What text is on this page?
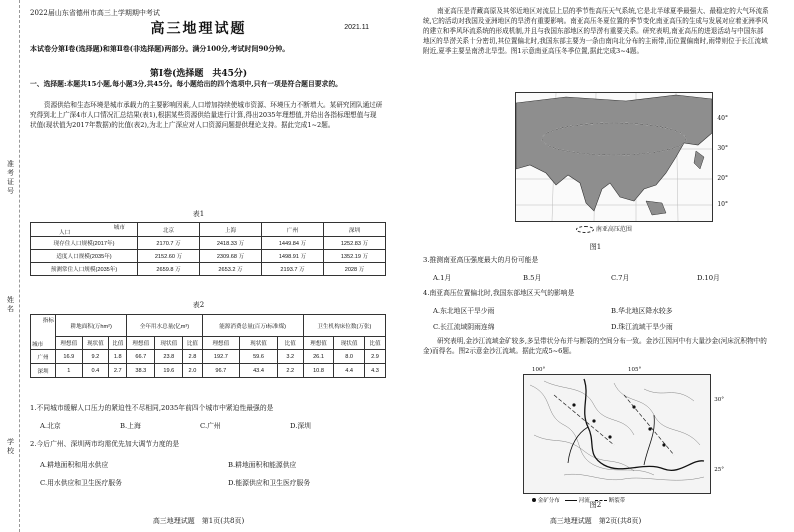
准考证号
姓名
学校
2022届山东省德州市高三上学期期中考试
高三地理试题	2021.11
本试卷分第Ⅰ卷(选择题)和第Ⅱ卷(非选择题)两部分。满分100分,考试时间90分钟。
第Ⅰ卷(选择题　共45分)
一、选择题:本题共15小题,每小题3分,共45分。每小题给出的四个选项中,只有一项是符合题目要求的。
资源供给和生态环境是城市承载力的主要影响因素,人口增加持续使城市资源、环境压力不断增大。某研究团队通过研究得到北上广深4市人口情况汇总结果(表1),根据某些资源供给量进行计算,得出2035年理想值,并给出各指标理想值与现状值(现状值为2017年数据)的比值(表2),为北上广深应对人口资源问题提供理论支持。据此完成1~2题。
表1
城市
人口	北京	上海	广州	深圳
现存住人口规模(2017年)	2170.7 万	2418.33 万	1449.84 万	1252.83 万
适度人口规模(2035年)	2152.60 万	2309.68 万	1498.91 万	1352.19 万
预测常住人口规模(2035年)	2659.8 万	2653.2 万	2193.7 万	2028 万
表2
指标
城市	耕地面积(万hm²)			全年用水总量(亿m³)			能源消费总量(百万t标准煤)			卫生机构床位数(万张)		
	理想值	现状值	比值	理想值	现状值	比值	理想值	现状值	比值	理想值	现状值	比值
广州	16.9	9.2	1.8	66.7	23.8	2.8	192.7	59.6	3.2	26.1	8.0	2.9
深圳	1	0.4	2.7	38.3	19.6	2.0	96.7	43.4	2.2	10.8	4.4	4.3
1.不同城市缓解人口压力的紧迫性不尽相同,2035年前四个城市中紧迫性最强的是
A.北京	B.上海	C.广州	D.深圳
2.今后广州、深圳两市均需优先加大调节力度的是
A.耕地面积和用水供应	B.耕地面积和能源供应
C.用水供应和卫生医疗服务	D.能源供应和卫生医疗服务
高三地理试题　第1页(共8页)
南亚高压是青藏高原及其邻近地区对流层上层的季节性高压天气系统,它是北半球夏季最强大、最稳定的大气环流系统,它的活动对我国及亚洲地区的旱涝有重要影响。南亚高压冬夏位置的季节变化南亚高压的生成与发展对应着亚洲季风的建立和季风环流系统的形成机制,并且与我国东部地区的旱涝有重要关系。研究表明,南亚高压的进退活动与中国东部地区的旱涝关系十分密切,其位置偏北时,我国东部主要为一条由南向北分布的主雨带,而位置偏南时,雨带则位于长江流域附近,夏季主要呈南涝北旱型。图1示意南亚高压冬季位置,据此完成3~4题。
40°
30°
20°
10°
南亚高压范围
图1
3.推测南亚高压强度最大的月份可能是
A.1月	B.5月	C.7月	D.10月
4.南亚高压位置偏北时,我国东部地区天气的影响是
A.东北地区干旱少雨	B.华北地区降水较多
C.长江流域阴雨连绵	D.珠江流域干旱少雨
研究表明,金沙江流域金矿较多,多呈带状分布并与断裂的空间分布一致。金沙江因河中有大量沙金(河床沉积物中的金)而得名。图2示意金沙江流域。据此完成5~6题。
100°	105°
30°
25°
金矿分布	河流	断裂带
图2
高三地理试题　第2页(共8页)
